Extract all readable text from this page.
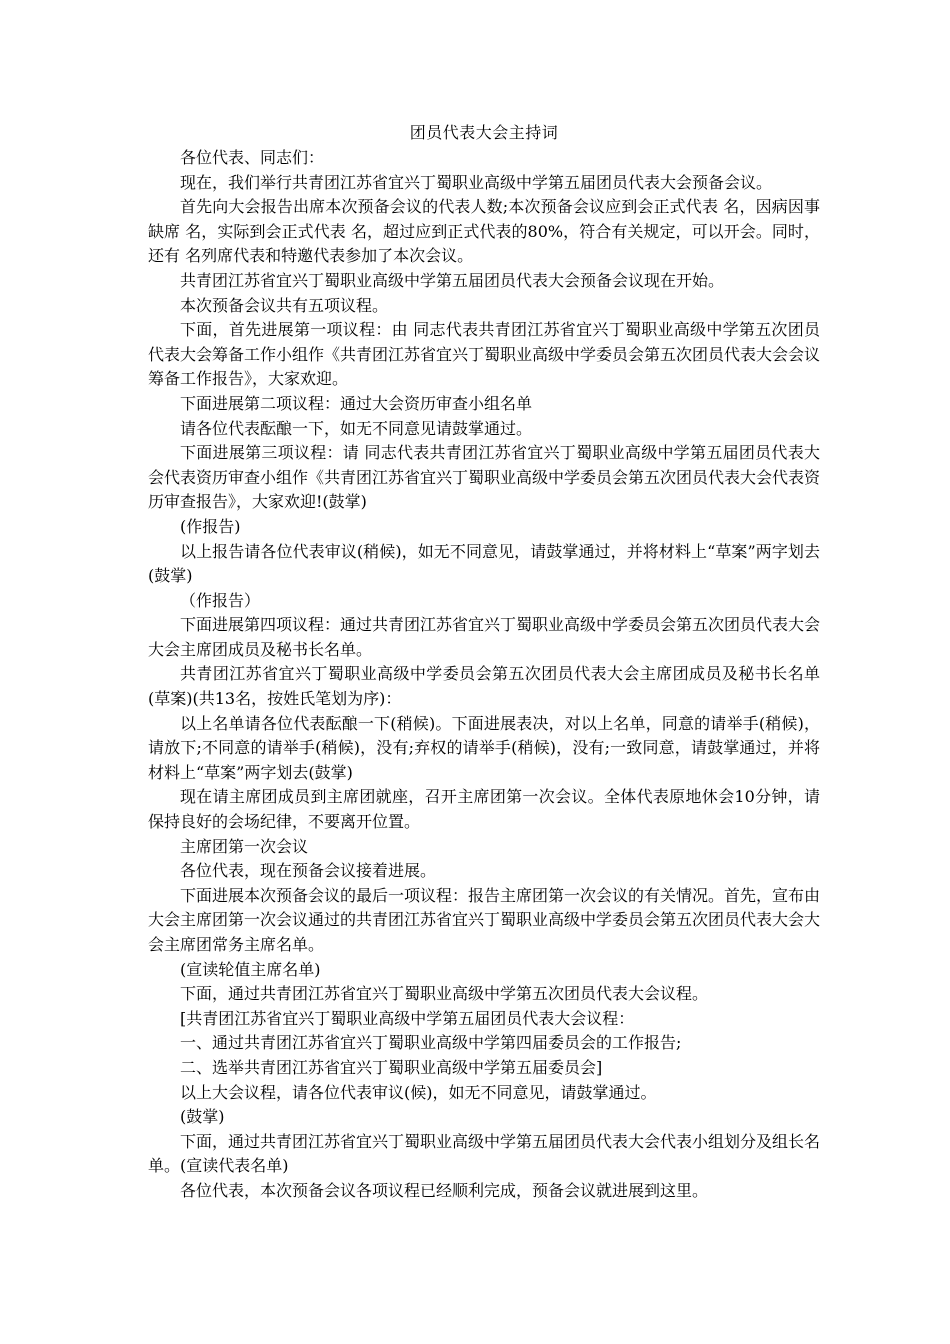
团员代表大会主持词

各位代表、同志们：

现在，我们举行共青团江苏省宜兴丁蜀职业高级中学第五届团员代表大会预备会议。

首先向大会报告出席本次预备会议的代表人数;本次预备会议应到会正式代表 名，因病因事缺席 名，实际到会正式代表 名，超过应到正式代表的80%，符合有关规定，可以开会。同时，还有 名列席代表和特邀代表参加了本次会议。

共青团江苏省宜兴丁蜀职业高级中学第五届团员代表大会预备会议现在开始。

本次预备会议共有五项议程。

下面，首先进展第一项议程：由 同志代表共青团江苏省宜兴丁蜀职业高级中学第五次团员代表大会筹备工作小组作《共青团江苏省宜兴丁蜀职业高级中学委员会第五次团员代表大会会议筹备工作报告》，大家欢迎。

下面进展第二项议程：通过大会资历审查小组名单

请各位代表酝酿一下，如无不同意见请鼓掌通过。

下面进展第三项议程：请 同志代表共青团江苏省宜兴丁蜀职业高级中学第五届团员代表大会代表资历审查小组作《共青团江苏省宜兴丁蜀职业高级中学委员会第五次团员代表大会代表资历审查报告》，大家欢迎!(鼓掌)

(作报告)

以上报告请各位代表审议(稍候)，如无不同意见，请鼓掌通过，并将材料上“草案”两字划去(鼓掌)

（作报告）

下面进展第四项议程：通过共青团江苏省宜兴丁蜀职业高级中学委员会第五次团员代表大会大会主席团成员及秘书长名单。

共青团江苏省宜兴丁蜀职业高级中学委员会第五次团员代表大会主席团成员及秘书长名单(草案)(共13名，按姓氏笔划为序)：

以上名单请各位代表酝酿一下(稍候)。下面进展表决，对以上名单，同意的请举手(稍候)，请放下;不同意的请举手(稍候)，没有;弃权的请举手(稍候)，没有;一致同意，请鼓掌通过，并将材料上“草案”两字划去(鼓掌)

现在请主席团成员到主席团就座，召开主席团第一次会议。全体代表原地休会10分钟，请保持良好的会场纪律，不要离开位置。

主席团第一次会议

各位代表，现在预备会议接着进展。

下面进展本次预备会议的最后一项议程：报告主席团第一次会议的有关情况。首先，宣布由大会主席团第一次会议通过的共青团江苏省宜兴丁蜀职业高级中学委员会第五次团员代表大会大会主席团常务主席名单。

(宣读轮值主席名单)

下面，通过共青团江苏省宜兴丁蜀职业高级中学第五次团员代表大会议程。

[共青团江苏省宜兴丁蜀职业高级中学第五届团员代表大会议程：

一、通过共青团江苏省宜兴丁蜀职业高级中学第四届委员会的工作报告;

二、选举共青团江苏省宜兴丁蜀职业高级中学第五届委员会]

以上大会议程，请各位代表审议(候)，如无不同意见，请鼓掌通过。

(鼓掌)

下面，通过共青团江苏省宜兴丁蜀职业高级中学第五届团员代表大会代表小组划分及组长名单。(宣读代表名单)

各位代表，本次预备会议各项议程已经顺利完成，预备会议就进展到这里。
